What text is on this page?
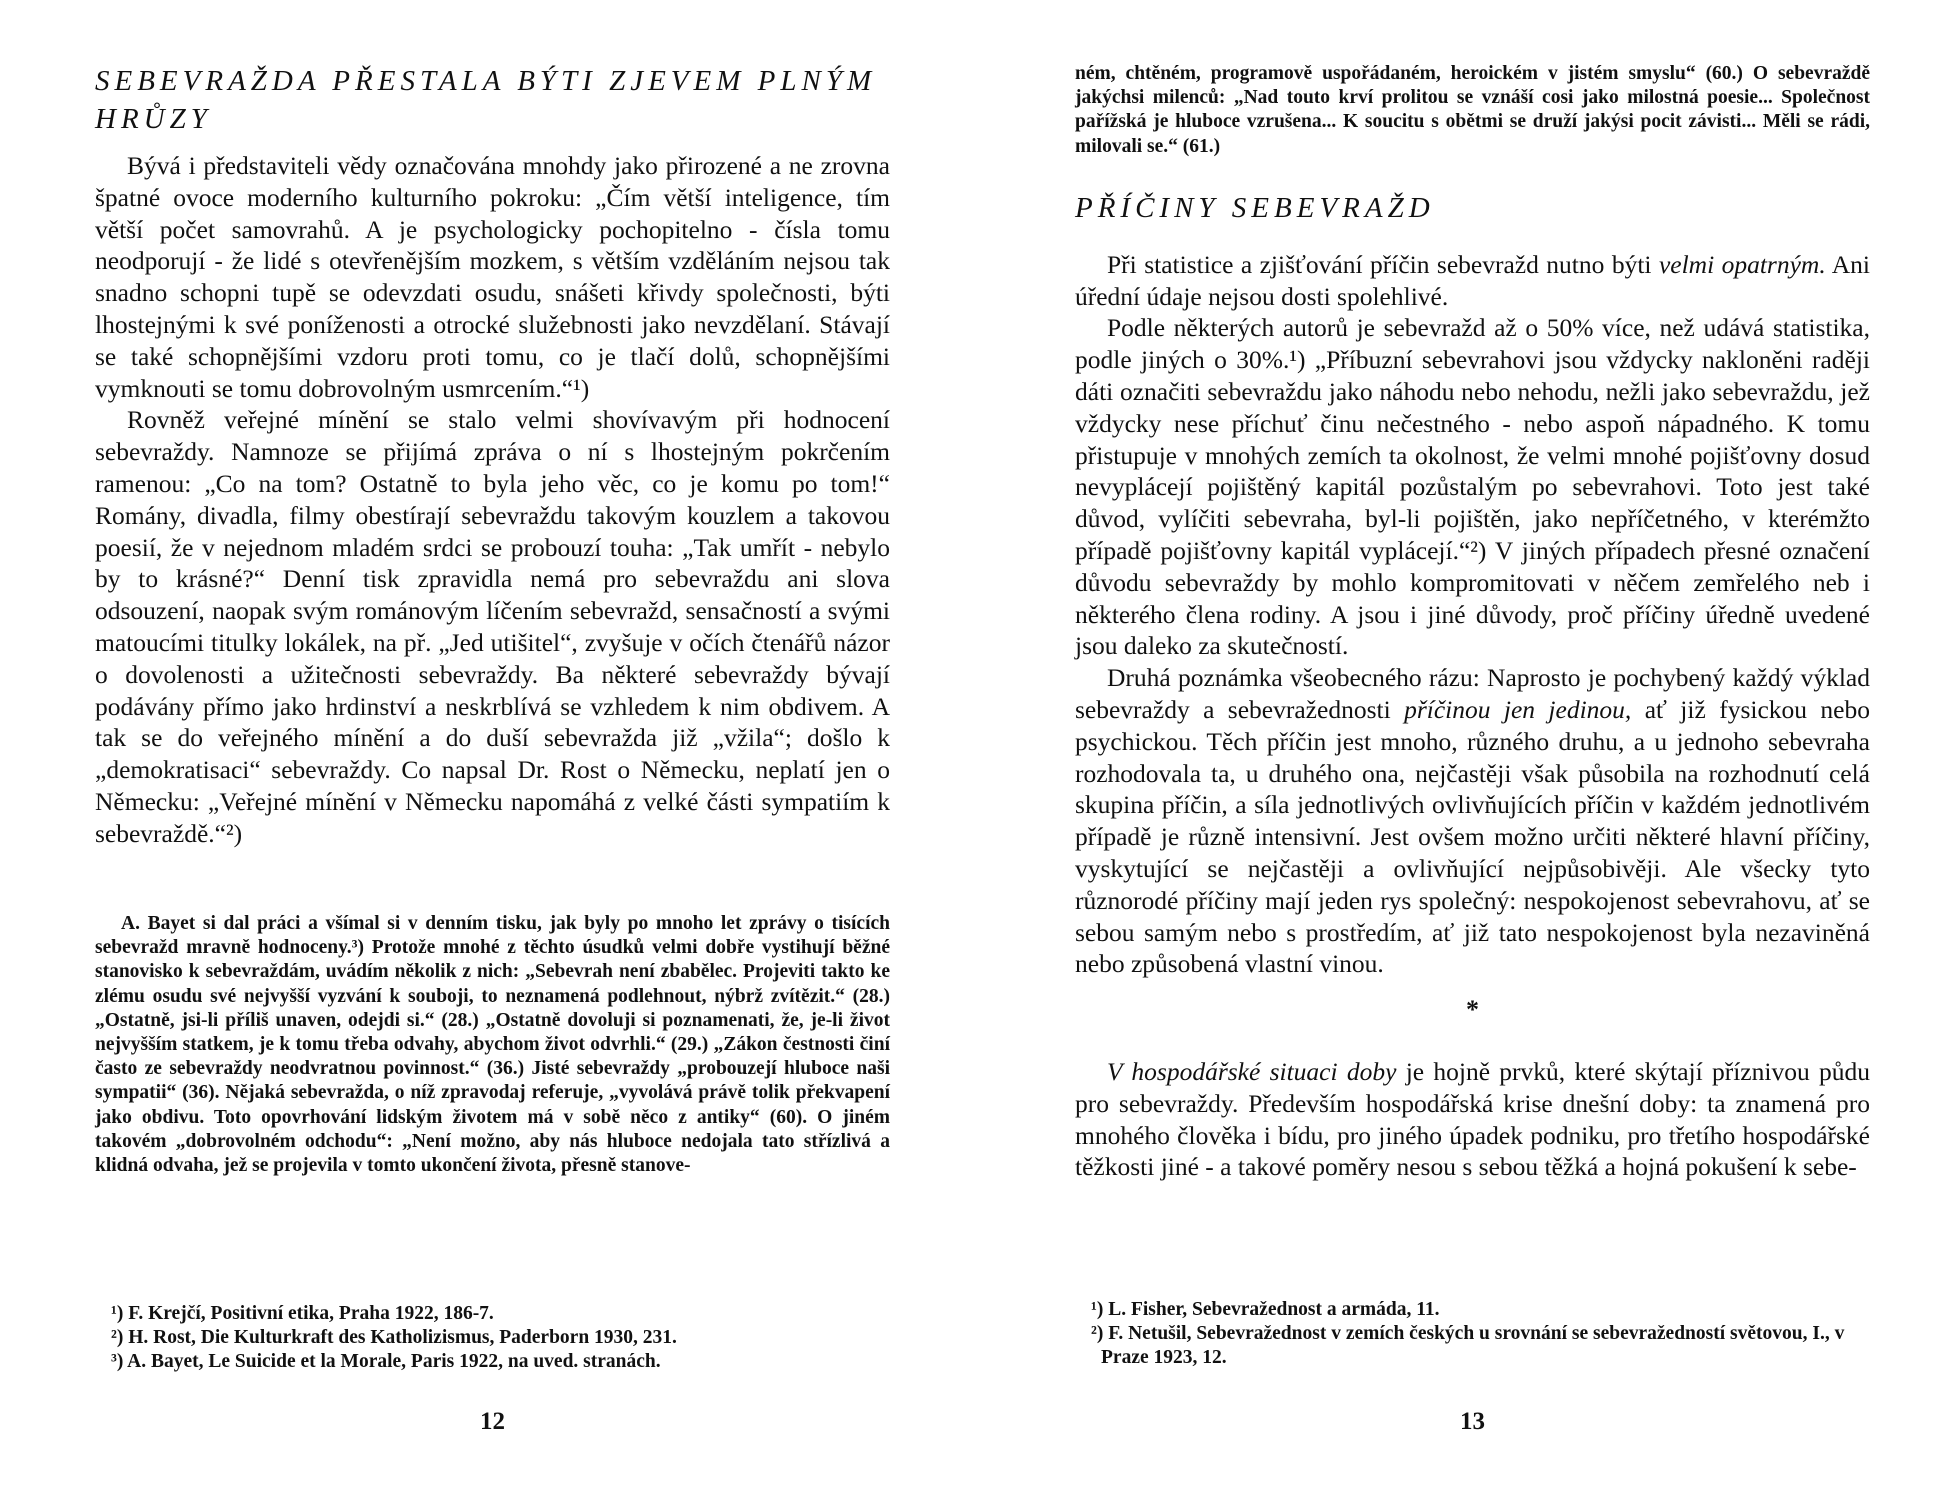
SEBEVRAŽDA PŘESTALA BÝTI ZJEVEM PLNÝM HRŮZY

Bývá i představiteli vědy označována mnohdy jako přirozené a ne zrovna špatné ovoce moderního kulturního pokroku: „Čím větší inteligence, tím větší počet samovrahů. A je psychologicky pochopitelno - čísla tomu neodporují - že lidé s otevřenějším mozkem, s větším vzděláním nejsou tak snadno schopni tupě se odevzdati osudu, snášeti křivdy společnosti, býti lhostejnými k své poníženosti a otrocké služebnosti jako nevzdělaní. Stávají se také schopnějšími vzdoru proti tomu, co je tlačí dolů, schopnějšími vymknouti se tomu dobrovolným usmrcením.“¹)

Rovněž veřejné mínění se stalo velmi shovívavým při hodnocení sebevraždy. Namnoze se přijímá zpráva o ní s lhostejným pokrčením ramenou: „Co na tom? Ostatně to byla jeho věc, co je komu po tom!“ Romány, divadla, filmy obestírají sebevraždu takovým kouzlem a takovou poesií, že v nejednom mladém srdci se probouzí touha: „Tak umřít - nebylo by to krásné?“ Denní tisk zpravidla nemá pro sebevraždu ani slova odsouzení, naopak svým románovým líčením sebevražd, sensačností a svými matoucími titulky lokálek, na př. „Jed utišitel“, zvyšuje v očích čtenářů názor o dovolenosti a užitečnosti sebevraždy. Ba některé sebevraždy bývají podávány přímo jako hrdinství a neskrblívá se vzhledem k nim obdivem. A tak se do veřejného mínění a do duší sebevražda již „vžila“; došlo k „demokratisaci“ sebevraždy. Co napsal Dr. Rost o Německu, neplatí jen o Německu: „Veřejné mínění v Německu napomáhá z velké části sympatiím k sebevraždě.“²)

A. Bayet si dal práci a všímal si v denním tisku, jak byly po mnoho let zprávy o tisících sebevražd mravně hodnoceny.³) Protože mnohé z těchto úsudků velmi dobře vystihují běžné stanovisko k sebevraždám, uvádím několik z nich: „Sebevrah není zbabělec. Projeviti takto ke zlému osudu své nejvyšší vyzvání k souboji, to neznamená podlehnout, nýbrž zvítězit.“ (28.) „Ostatně, jsi-li příliš unaven, odejdi si.“ (28.) „Ostatně dovoluji si poznamenati, že, je-li život nejvyšším statkem, je k tomu třeba odvahy, abychom život odvrhli.“ (29.) „Zákon čestnosti činí často ze sebevraždy neodvratnou povinnost.“ (36.) Jisté sebevraždy „probouzejí hluboce naši sympatii“ (36). Nějaká sebevražda, o níž zpravodaj referuje, „vyvolává právě tolik překvapení jako obdivu. Toto opovrhování lidským životem má v sobě něco z antiky“ (60). O jiném takovém „dobrovolném odchodu“: „Není možno, aby nás hluboce nedojala tato střízlivá a klidná odvaha, jež se projevila v tomto ukončení života, přesně stanove-

¹) F. Krejčí, Positivní etika, Praha 1922, 186-7.

²) H. Rost, Die Kulturkraft des Katholizismus, Paderborn 1930, 231.

³) A. Bayet, Le Suicide et la Morale, Paris 1922, na uved. stranách.

12

ném, chtěném, programově uspořádaném, heroickém v jistém smyslu“ (60.) O sebevraždě jakýchsi milenců: „Nad touto krví prolitou se vznáší cosi jako milostná poesie... Společnost pařížská je hluboce vzrušena... K soucitu s obětmi se druží jakýsi pocit závisti... Měli se rádi, milovali se.“ (61.)

PŘÍČINY SEBEVRAŽD

Při statistice a zjišťování příčin sebevražd nutno býti velmi opatrným. Ani úřední údaje nejsou dosti spolehlivé.

Podle některých autorů je sebevražd až o 50% více, než udává statistika, podle jiných o 30%.¹) „Příbuzní sebevrahovi jsou vždycky nakloněni raději dáti označiti sebevraždu jako náhodu nebo nehodu, nežli jako sebevraždu, jež vždycky nese příchuť činu nečestného - nebo aspoň nápadného. K tomu přistupuje v mnohých zemích ta okolnost, že velmi mnohé pojišťovny dosud nevyplácejí pojištěný kapitál pozůstalým po sebevrahovi. Toto jest také důvod, vylíčiti sebevraha, byl-li pojištěn, jako nepříčetného, v kterémžto případě pojišťovny kapitál vyplácejí.“²) V jiných případech přesné označení důvodu sebevraždy by mohlo kompromitovati v něčem zemřelého neb i některého člena rodiny. A jsou i jiné důvody, proč příčiny úředně uvedené jsou daleko za skutečností.

Druhá poznámka všeobecného rázu: Naprosto je pochybený každý výklad sebevraždy a sebevražednosti příčinou jen jedinou, ať již fysickou nebo psychickou. Těch příčin jest mnoho, různého druhu, a u jednoho sebevraha rozhodovala ta, u druhého ona, nejčastěji však působila na rozhodnutí celá skupina příčin, a síla jednotlivých ovlivňujících příčin v každém jednotlivém případě je různě intensivní. Jest ovšem možno určiti některé hlavní příčiny, vyskytující se nejčastěji a ovlivňující nejpůsobivěji. Ale všecky tyto různorodé příčiny mají jeden rys společný: nespokojenost sebevrahovu, ať se sebou samým nebo s prostředím, ať již tato nespokojenost byla nezaviněná nebo způsobená vlastní vinou.

*

V hospodářské situaci doby je hojně prvků, které skýtají příznivou půdu pro sebevraždy. Především hospodářská krise dnešní doby: ta znamená pro mnohého člověka i bídu, pro jiného úpadek podniku, pro třetího hospodářské těžkosti jiné - a takové poměry nesou s sebou těžká a hojná pokušení k sebe-

¹) L. Fisher, Sebevražednost a armáda, 11.

²) F. Netušil, Sebevražednost v zemích českých u srovnání se sebevražedností světovou, I., v Praze 1923, 12.

13
